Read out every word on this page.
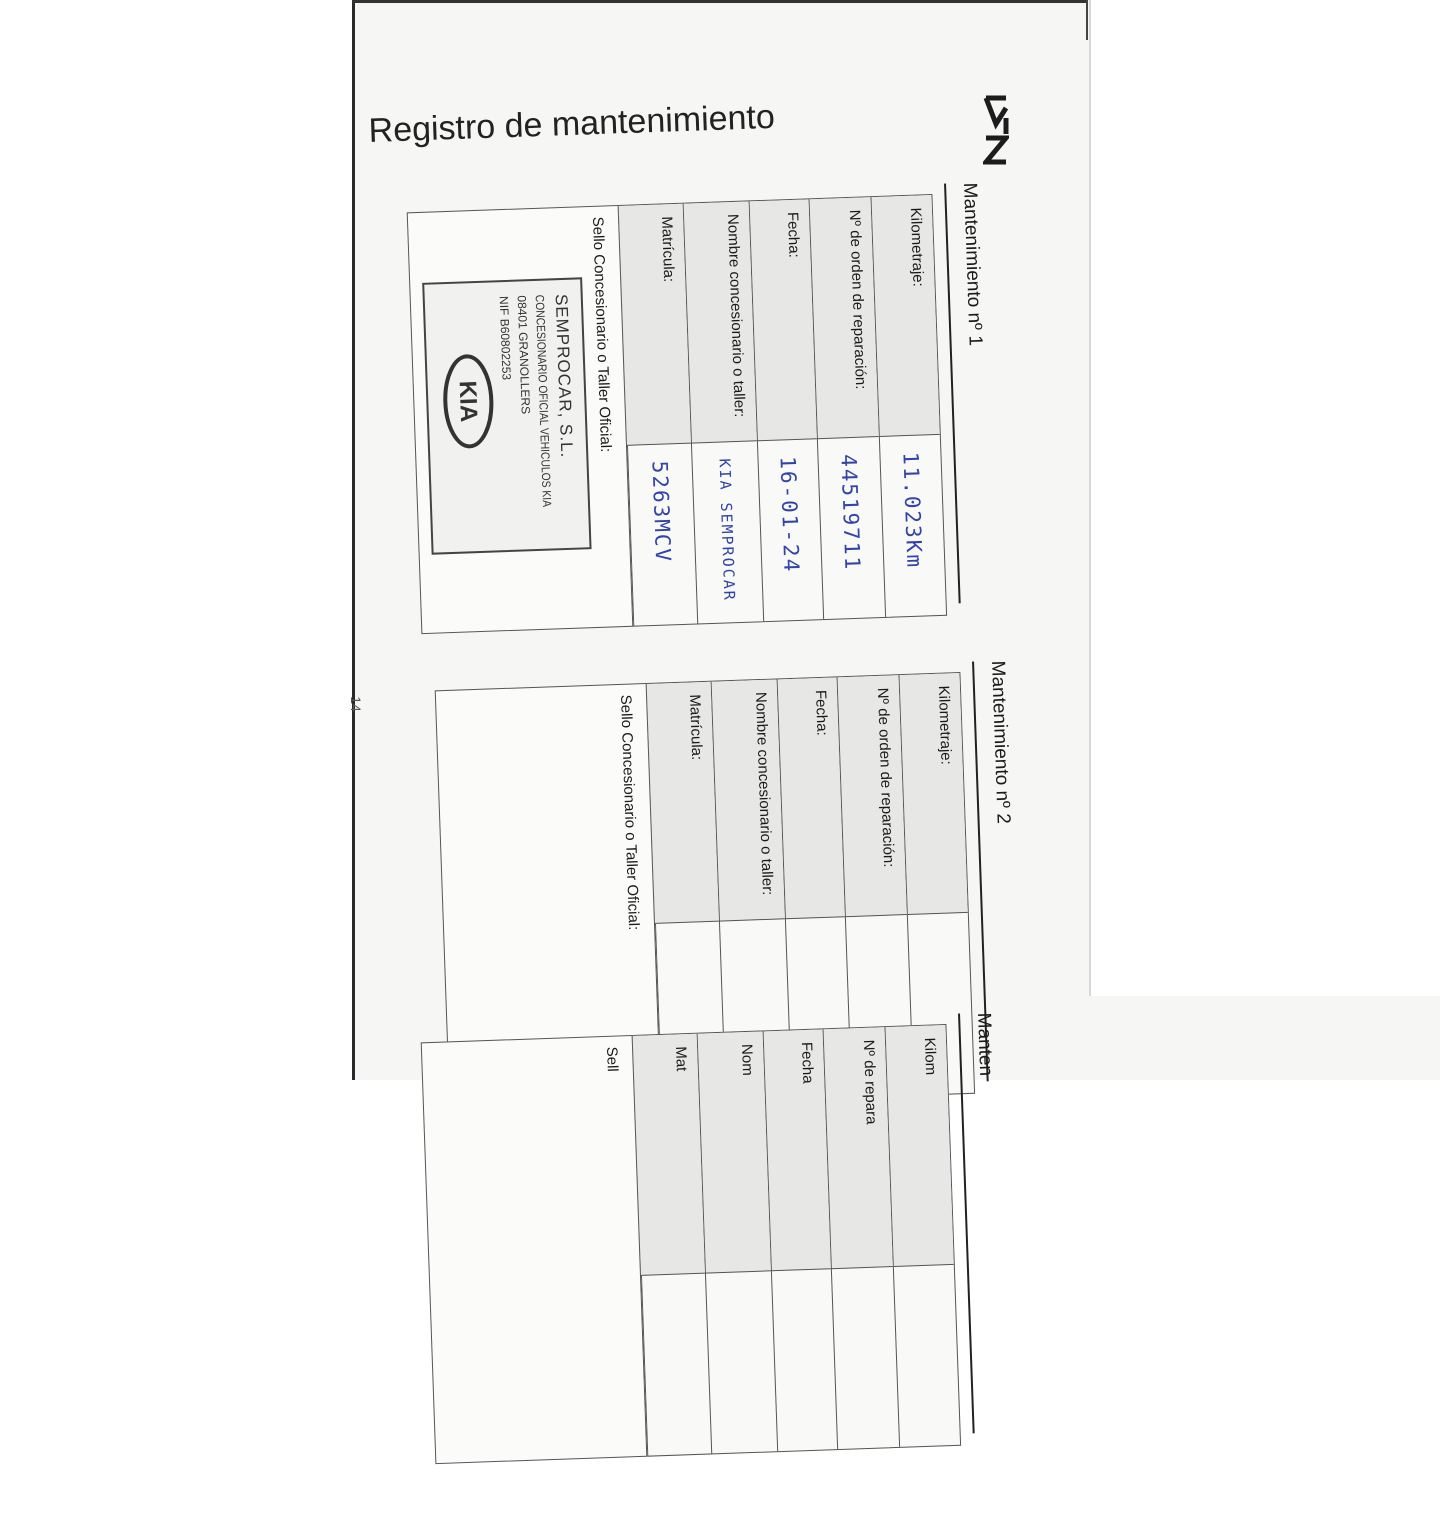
Registro de mantenimiento
14
Mantenimiento nº 1
Kilometraje:
11.023Km
Nº de orden de reparación:
44519711
Fecha:
16-01-24
Nombre concesionario o taller:
KIA SEMPROCAR
Matrícula:
5263MCV
Sello Concesionario o Taller Oficial:
SEMPROCAR, S.L.
CONCESIONARIO OFICIAL VEHICULOS KIA
08401 GRANOLLERS
NIF B60802253
KIA
Mantenimiento nº 2
Kilometraje:
Nº de orden de reparación:
Fecha:
Nombre concesionario o taller:
Matrícula:
Sello Concesionario o Taller Oficial:
Manten
Kilom
Nº de repara
Fecha
Nom
Mat
Sell
